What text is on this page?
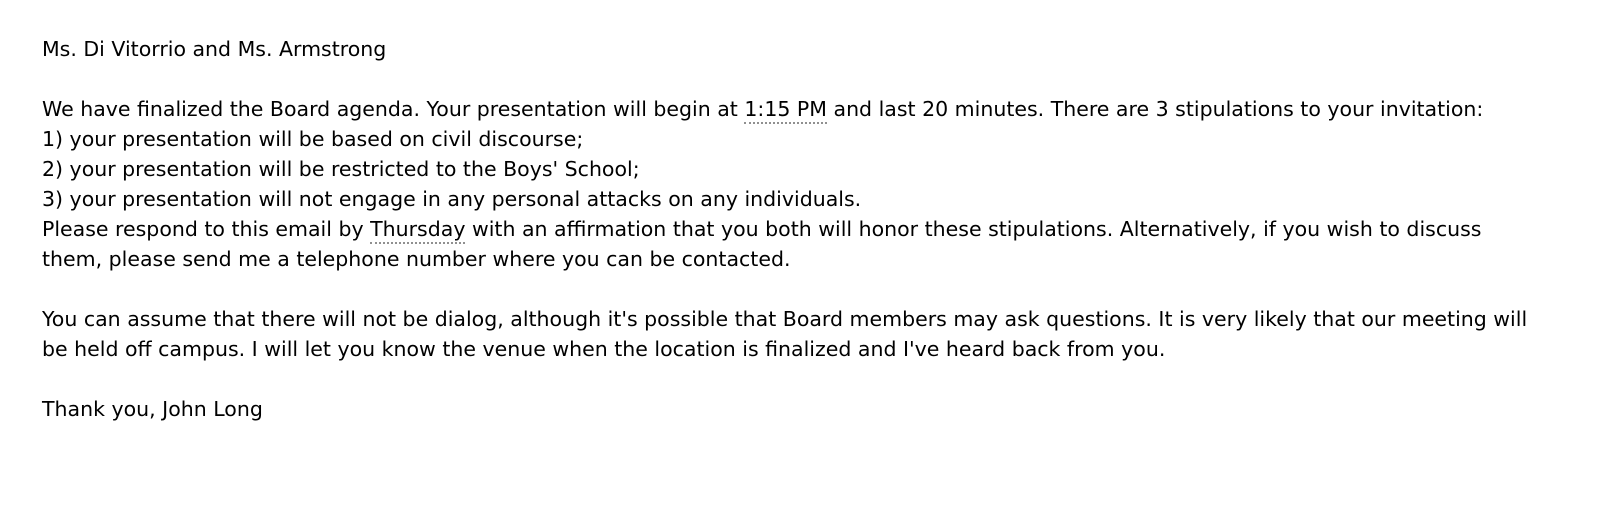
Ms. Di Vitorrio and Ms. Armstrong

We have finalized the Board agenda. Your presentation will begin at 1:15 PM and last 20 minutes. There are 3 stipulations to your invitation:

1) your presentation will be based on civil discourse;

2) your presentation will be restricted to the Boys' School;

3) your presentation will not engage in any personal attacks on any individuals.

Please respond to this email by Thursday with an affirmation that you both will honor these stipulations. Alternatively, if you wish to discuss them, please send me a telephone number where you can be contacted.

You can assume that there will not be dialog, although it's possible that Board members may ask questions. It is very likely that our meeting will be held off campus. I will let you know the venue when the location is finalized and I've heard back from you.

Thank you, John Long
